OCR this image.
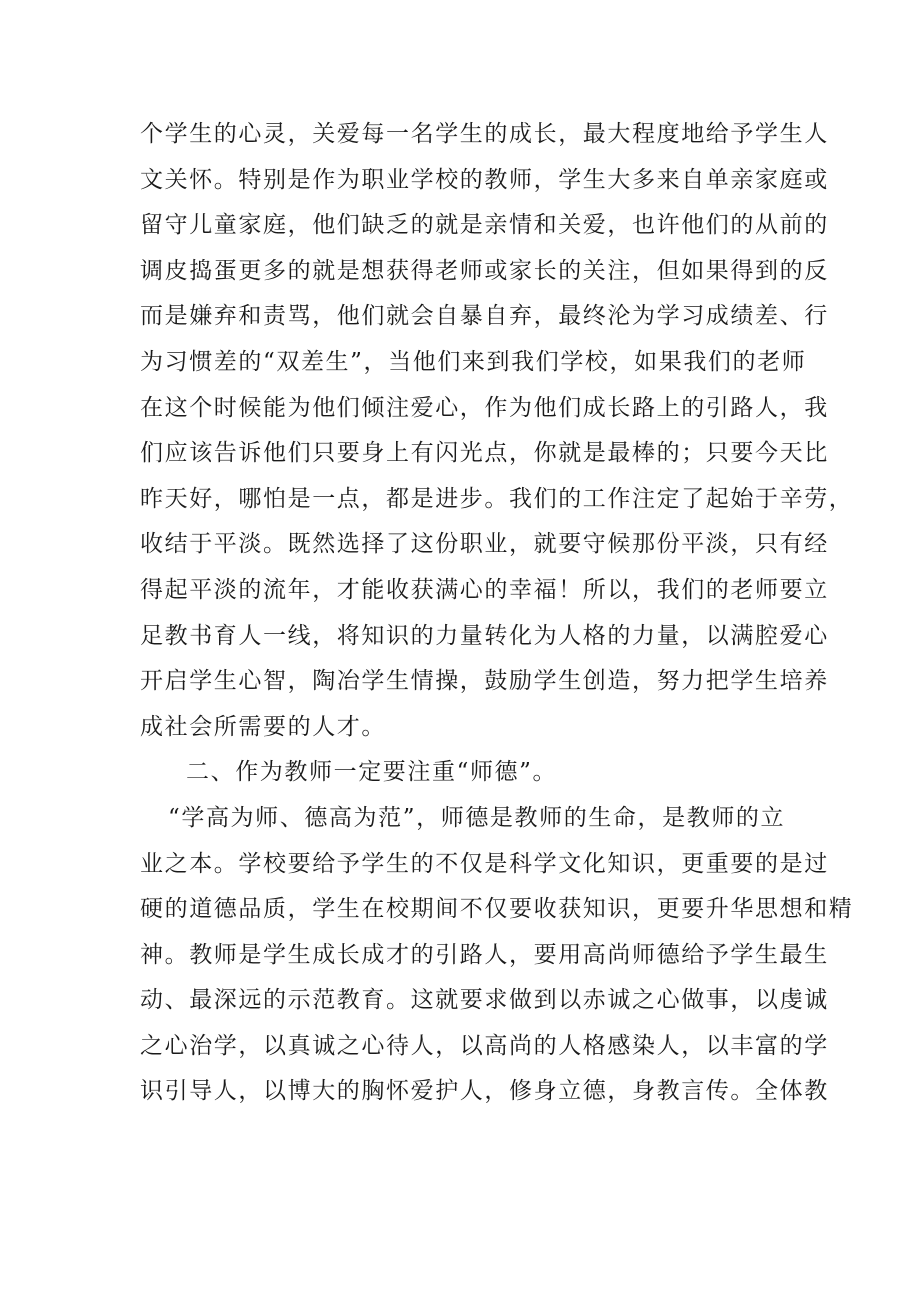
个学生的心灵，关爱每一名学生的成长，最大程度地给予学生人
文关怀。特别是作为职业学校的教师，学生大多来自单亲家庭或
留守儿童家庭，他们缺乏的就是亲情和关爱，也许他们的从前的
调皮捣蛋更多的就是想获得老师或家长的关注，但如果得到的反
而是嫌弃和责骂，他们就会自暴自弃，最终沦为学习成绩差、行
为习惯差的“双差生”，当他们来到我们学校，如果我们的老师
在这个时候能为他们倾注爱心，作为他们成长路上的引路人，我
们应该告诉他们只要身上有闪光点，你就是最棒的；只要今天比
昨天好，哪怕是一点，都是进步。我们的工作注定了起始于辛劳，
收结于平淡。既然选择了这份职业，就要守候那份平淡，只有经
得起平淡的流年，才能收获满心的幸福！所以，我们的老师要立
足教书育人一线，将知识的力量转化为人格的力量，以满腔爱心
开启学生心智，陶冶学生情操，鼓励学生创造，努力把学生培养
成社会所需要的人才。
二、作为教师一定要注重“师德”。
“学高为师、德高为范”，师德是教师的生命，是教师的立
业之本。学校要给予学生的不仅是科学文化知识，更重要的是过
硬的道德品质，学生在校期间不仅要收获知识，更要升华思想和精
神。教师是学生成长成才的引路人，要用高尚师德给予学生最生
动、最深远的示范教育。这就要求做到以赤诚之心做事，以虔诚
之心治学，以真诚之心待人，以高尚的人格感染人，以丰富的学
识引导人，以博大的胸怀爱护人，修身立德，身教言传。全体教
